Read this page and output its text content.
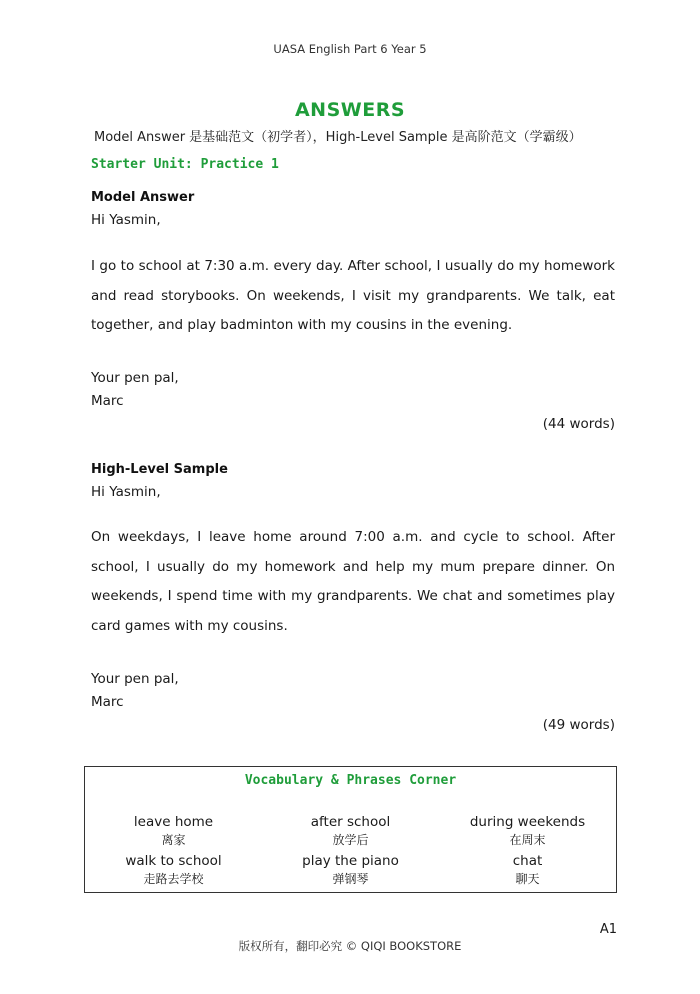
UASA English Part 6 Year 5
ANSWERS
Model Answer 是基础范文（初学者），High-Level Sample 是高阶范文（学霸级）
Starter Unit: Practice 1
Model Answer
Hi Yasmin,
I go to school at 7:30 a.m. every day. After school, I usually do my homework and read storybooks. On weekends, I visit my grandparents. We talk, eat together, and play badminton with my cousins in the evening.
Your pen pal,
Marc
(44 words)
High-Level Sample
Hi Yasmin,
On weekdays, I leave home around 7:00 a.m. and cycle to school. After school, I usually do my homework and help my mum prepare dinner. On weekends, I spend time with my grandparents. We chat and sometimes play card games with my cousins.
Your pen pal,
Marc
(49 words)
Vocabulary & Phrases Corner
leave home
离家
after school
放学后
during weekends
在周末
walk to school
走路去学校
play the piano
弹钢琴
chat
聊天
A1
版权所有，翻印必究 © QIQI BOOKSTORE
